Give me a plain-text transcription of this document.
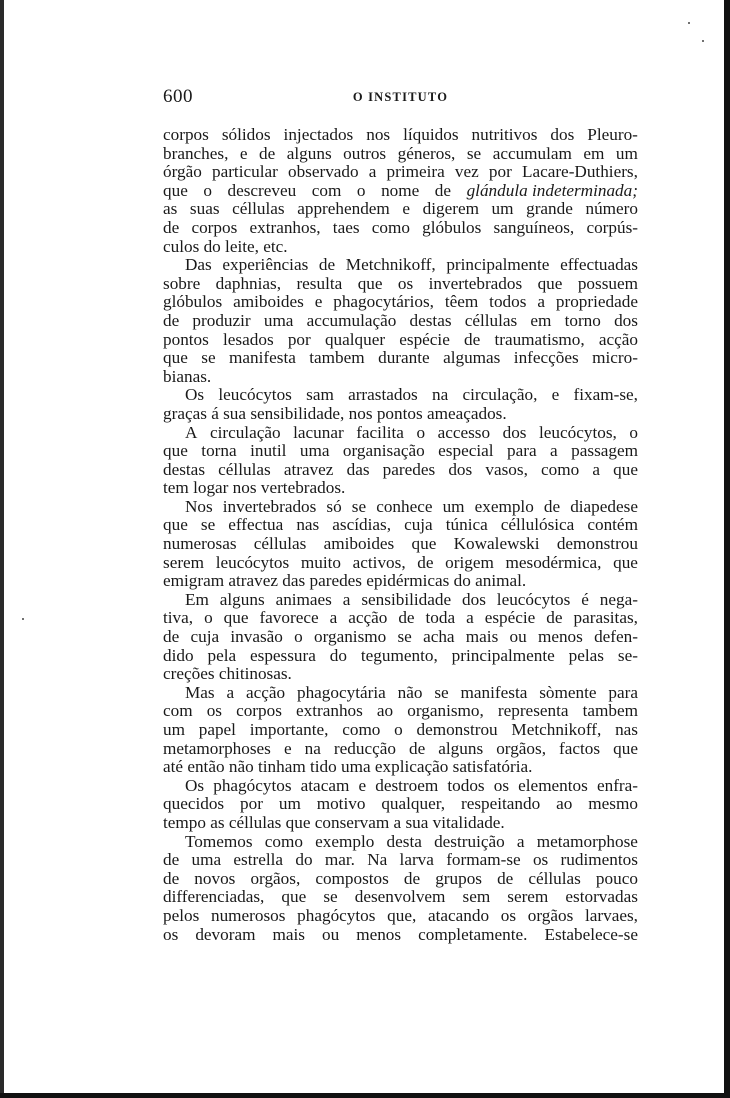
600	O INSTITUTO
corpos sólidos injectados nos líquidos nutritivos dos Pleuro-
branches, e de alguns outros géneros, se accumulam em um
órgão particular observado a primeira vez por Lacare-Duthiers,
que o descreveu com o nome de glándula indeterminada;
as suas céllulas apprehendem e digerem um grande número
de corpos extranhos, taes como glóbulos sanguíneos, corpús-
culos do leite, etc.
Das experiências de Metchnikoff, principalmente effectuadas
sobre daphnias, resulta que os invertebrados que possuem
glóbulos amiboides e phagocytários, têem todos a propriedade
de produzir uma accumulação destas céllulas em torno dos
pontos lesados por qualquer espécie de traumatismo, acção
que se manifesta tambem durante algumas infecções micro-
bianas.
Os leucócytos sam arrastados na circulação, e fixam-se,
graças á sua sensibilidade, nos pontos ameaçados.
A circulação lacunar facilita o accesso dos leucócytos, o
que torna inutil uma organisação especial para a passagem
destas céllulas atravez das paredes dos vasos, como a que
tem logar nos vertebrados.
Nos invertebrados só se conhece um exemplo de diapedese
que se effectua nas ascídias, cuja túnica céllulósica contém
numerosas céllulas amiboides que Kowalewski demonstrou
serem leucócytos muito activos, de origem mesodérmica, que
emigram atravez das paredes epidérmicas do animal.
Em alguns animaes a sensibilidade dos leucócytos é nega-
tiva, o que favorece a acção de toda a espécie de parasitas,
de cuja invasão o organismo se acha mais ou menos defen-
dido pela espessura do tegumento, principalmente pelas se-
creções chitinosas.
Mas a acção phagocytária não se manifesta sòmente para
com os corpos extranhos ao organismo, representa tambem
um papel importante, como o demonstrou Metchnikoff, nas
metamorphoses e na reducção de alguns orgãos, factos que
até então não tinham tido uma explicação satisfatória.
Os phagócytos atacam e destroem todos os elementos enfra-
quecidos por um motivo qualquer, respeitando ao mesmo
tempo as céllulas que conservam a sua vitalidade.
Tomemos como exemplo desta destruição a metamorphose
de uma estrella do mar. Na larva formam-se os rudimentos
de novos orgãos, compostos de grupos de céllulas pouco
differenciadas, que se desenvolvem sem serem estorvadas
pelos numerosos phagócytos que, atacando os orgãos larvaes,
os devoram mais ou menos completamente. Estabelece-se
